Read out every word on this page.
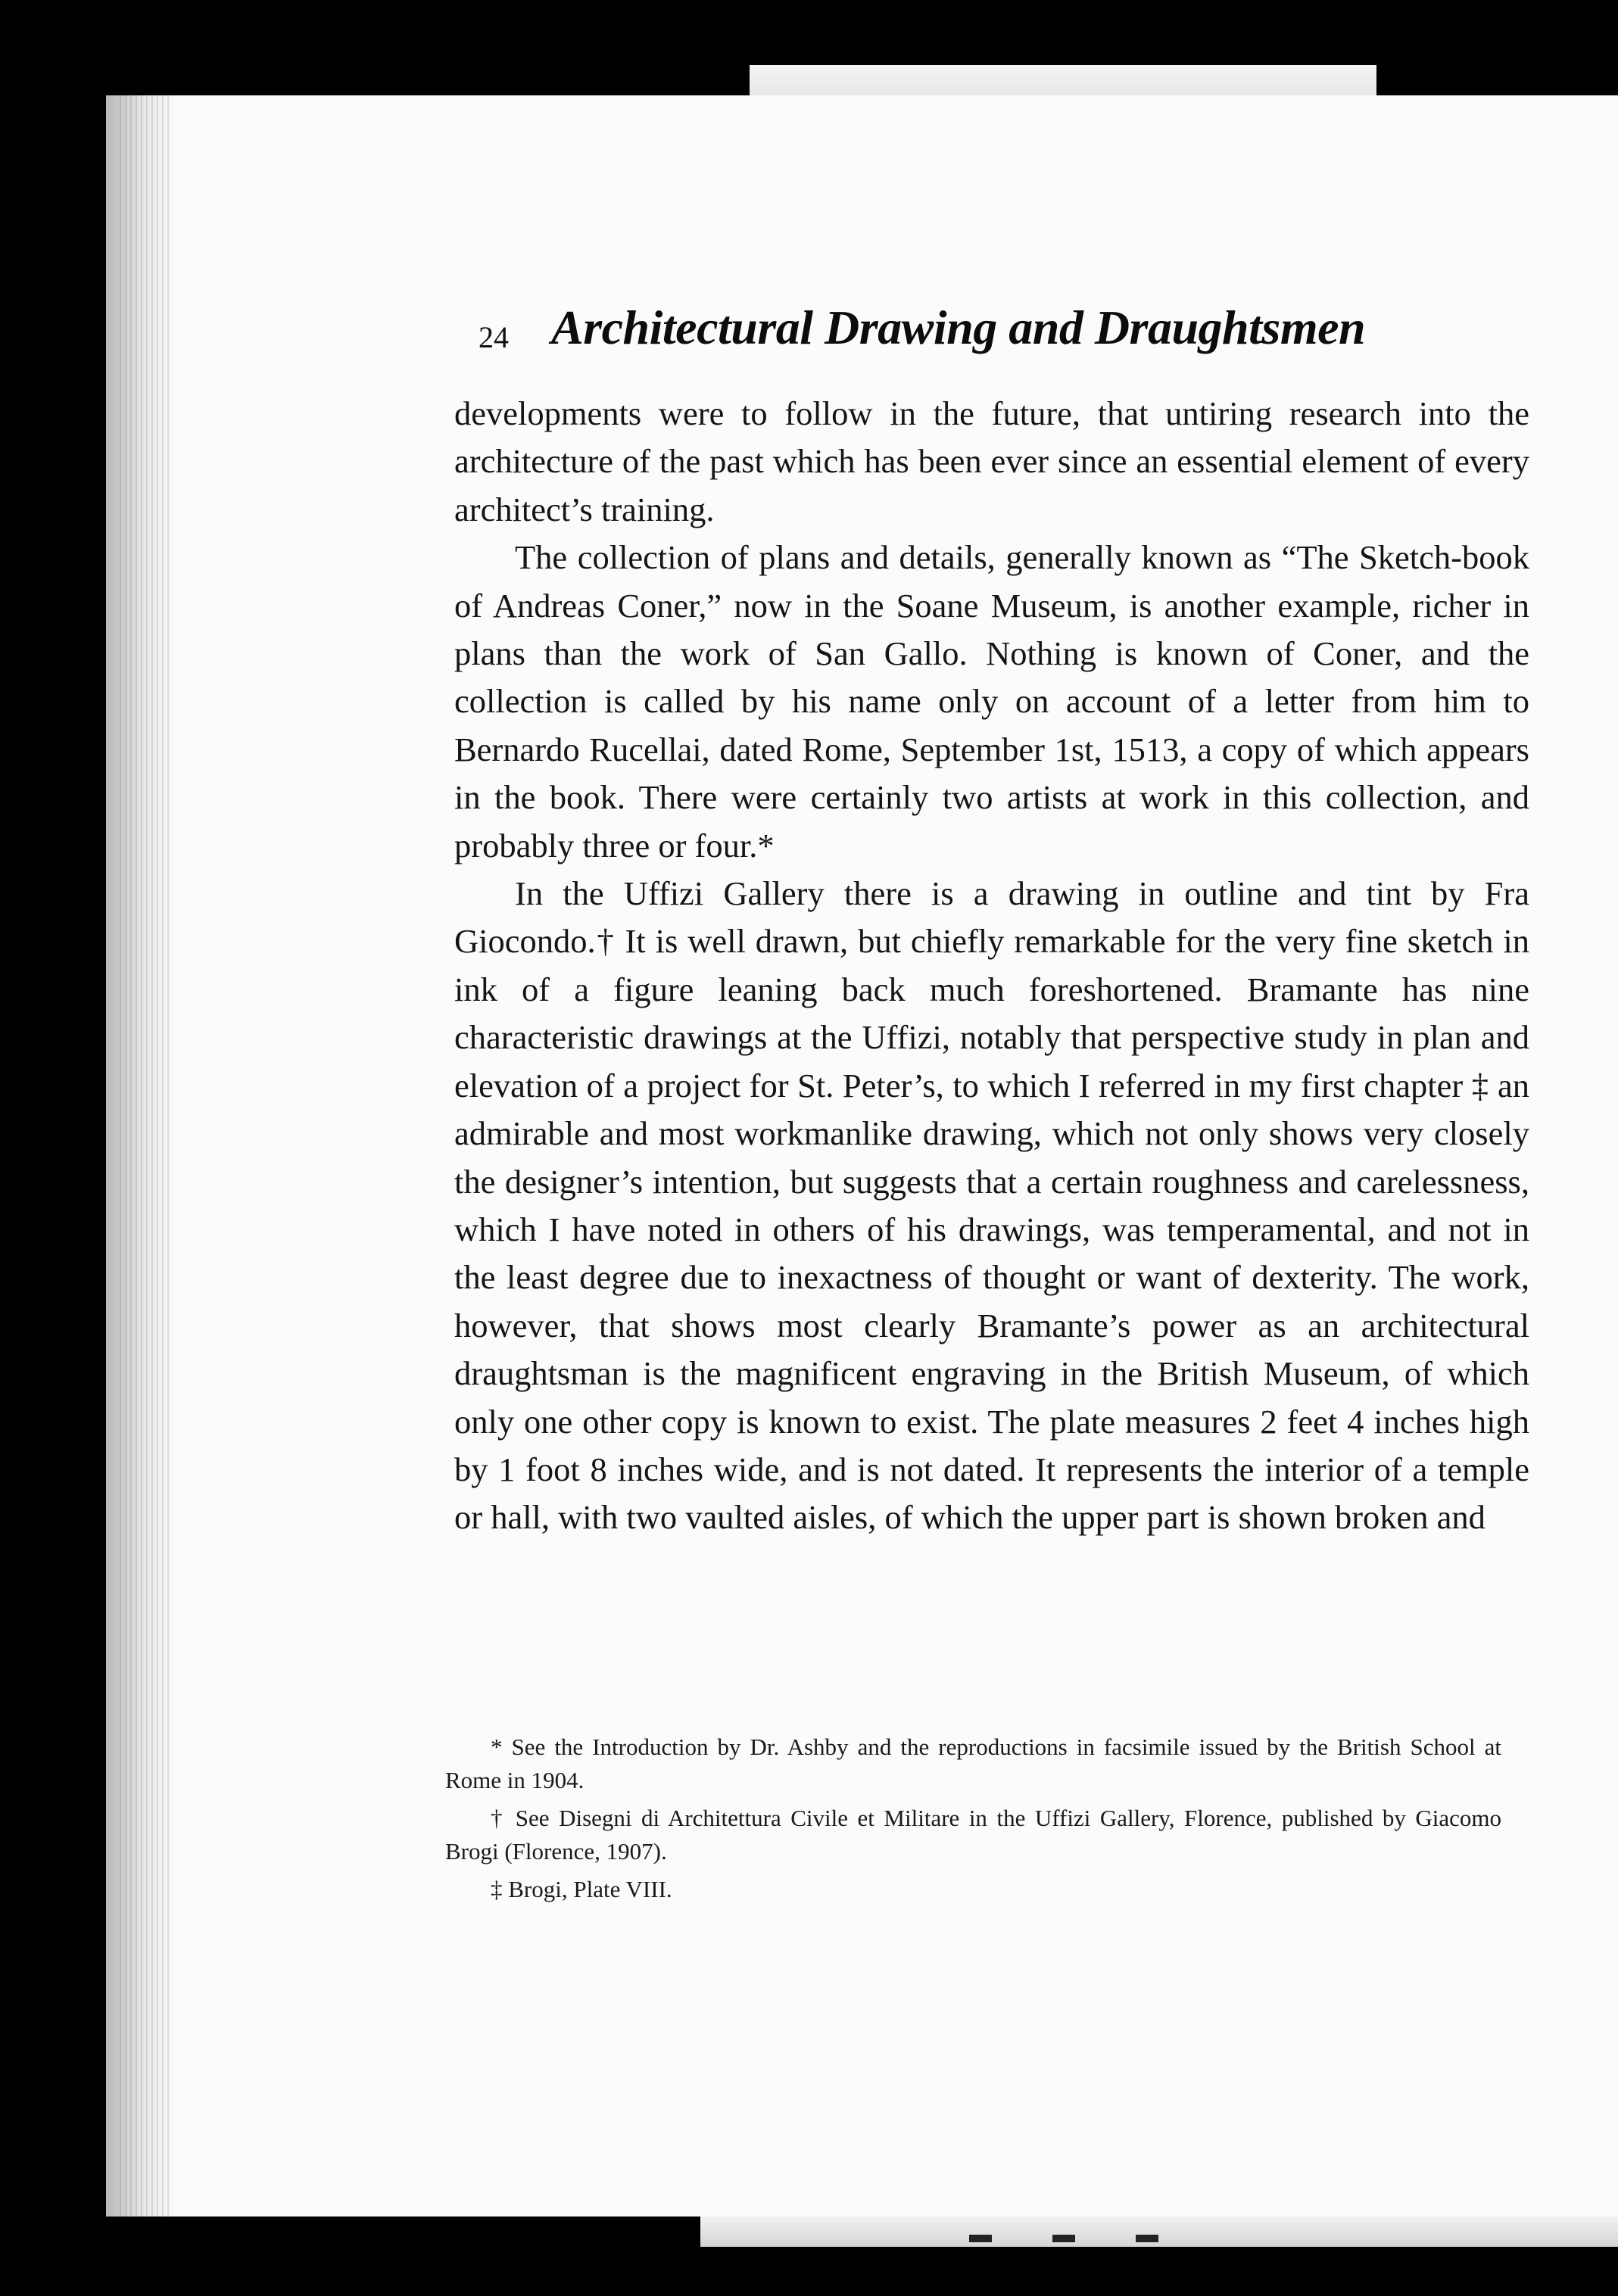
24 Architectural Drawing and Draughtsmen

developments were to follow in the future, that untiring research into the architecture of the past which has been ever since an essential element of every architect’s training.

The collection of plans and details, generally known as “The Sketch-book of Andreas Coner,” now in the Soane Museum, is another example, richer in plans than the work of San Gallo. Nothing is known of Coner, and the collection is called by his name only on account of a letter from him to Bernardo Rucellai, dated Rome, September 1st, 1513, a copy of which appears in the book. There were certainly two artists at work in this collection, and probably three or four.*

In the Uffizi Gallery there is a drawing in outline and tint by Fra Giocondo.† It is well drawn, but chiefly remarkable for the very fine sketch in ink of a figure leaning back much foreshortened. Bramante has nine characteristic drawings at the Uffizi, notably that perspective study in plan and elevation of a project for St. Peter’s, to which I referred in my first chapter ‡ an admirable and most workmanlike drawing, which not only shows very closely the designer’s intention, but suggests that a certain roughness and carelessness, which I have noted in others of his drawings, was temperamental, and not in the least degree due to inexactness of thought or want of dexterity. The work, however, that shows most clearly Bramante’s power as an architectural draughtsman is the magnificent engraving in the British Museum, of which only one other copy is known to exist. The plate measures 2 feet 4 inches high by 1 foot 8 inches wide, and is not dated. It represents the interior of a temple or hall, with two vaulted aisles, of which the upper part is shown broken and

* See the Introduction by Dr. Ashby and the reproductions in facsimile issued by the British School at Rome in 1904.

† See Disegni di Architettura Civile et Militare in the Uffizi Gallery, Florence, published by Giacomo Brogi (Florence, 1907).

‡ Brogi, Plate VIII.
